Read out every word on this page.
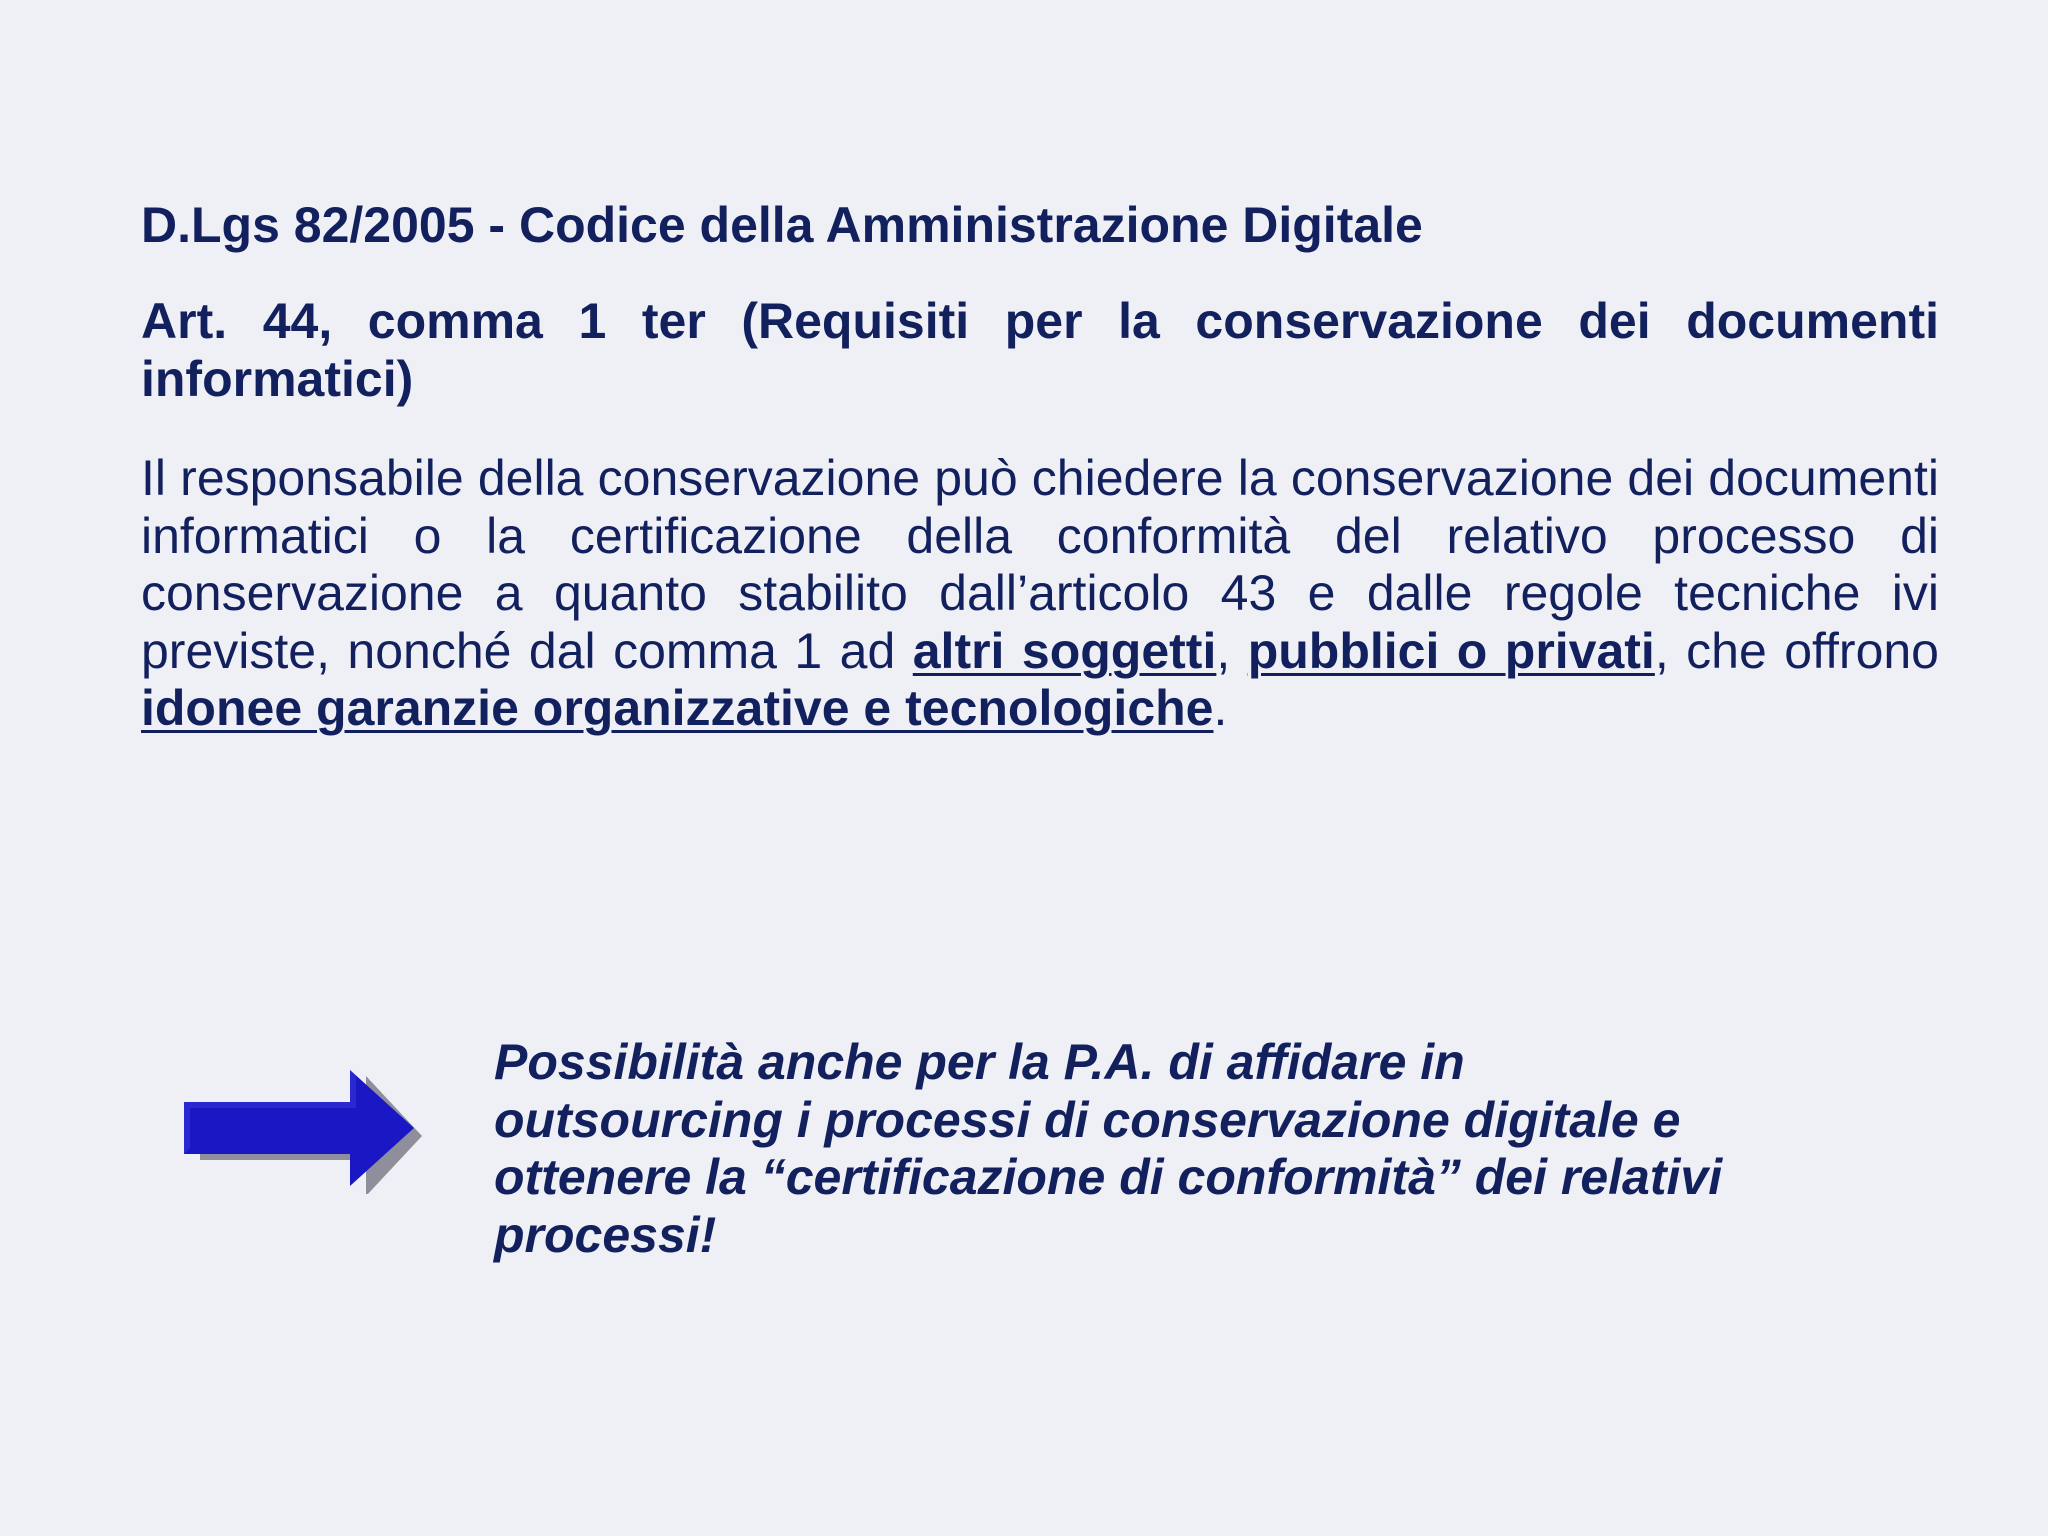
D.Lgs 82/2005 - Codice della Amministrazione Digitale
Art. 44, comma 1 ter (Requisiti per la conservazione dei documenti informatici)
Il responsabile della conservazione può chiedere la conservazione dei documenti informatici o la certificazione della conformità del relativo processo di conservazione a quanto stabilito dall’articolo 43 e dalle regole tecniche ivi previste, nonché dal comma 1 ad altri soggetti, pubblici o privati, che offrono idonee garanzie organizzative e tecnologiche.
Possibilità anche per la P.A. di affidare in outsourcing i processi di conservazione digitale e ottenere la “certificazione di conformità” dei relativi processi!
